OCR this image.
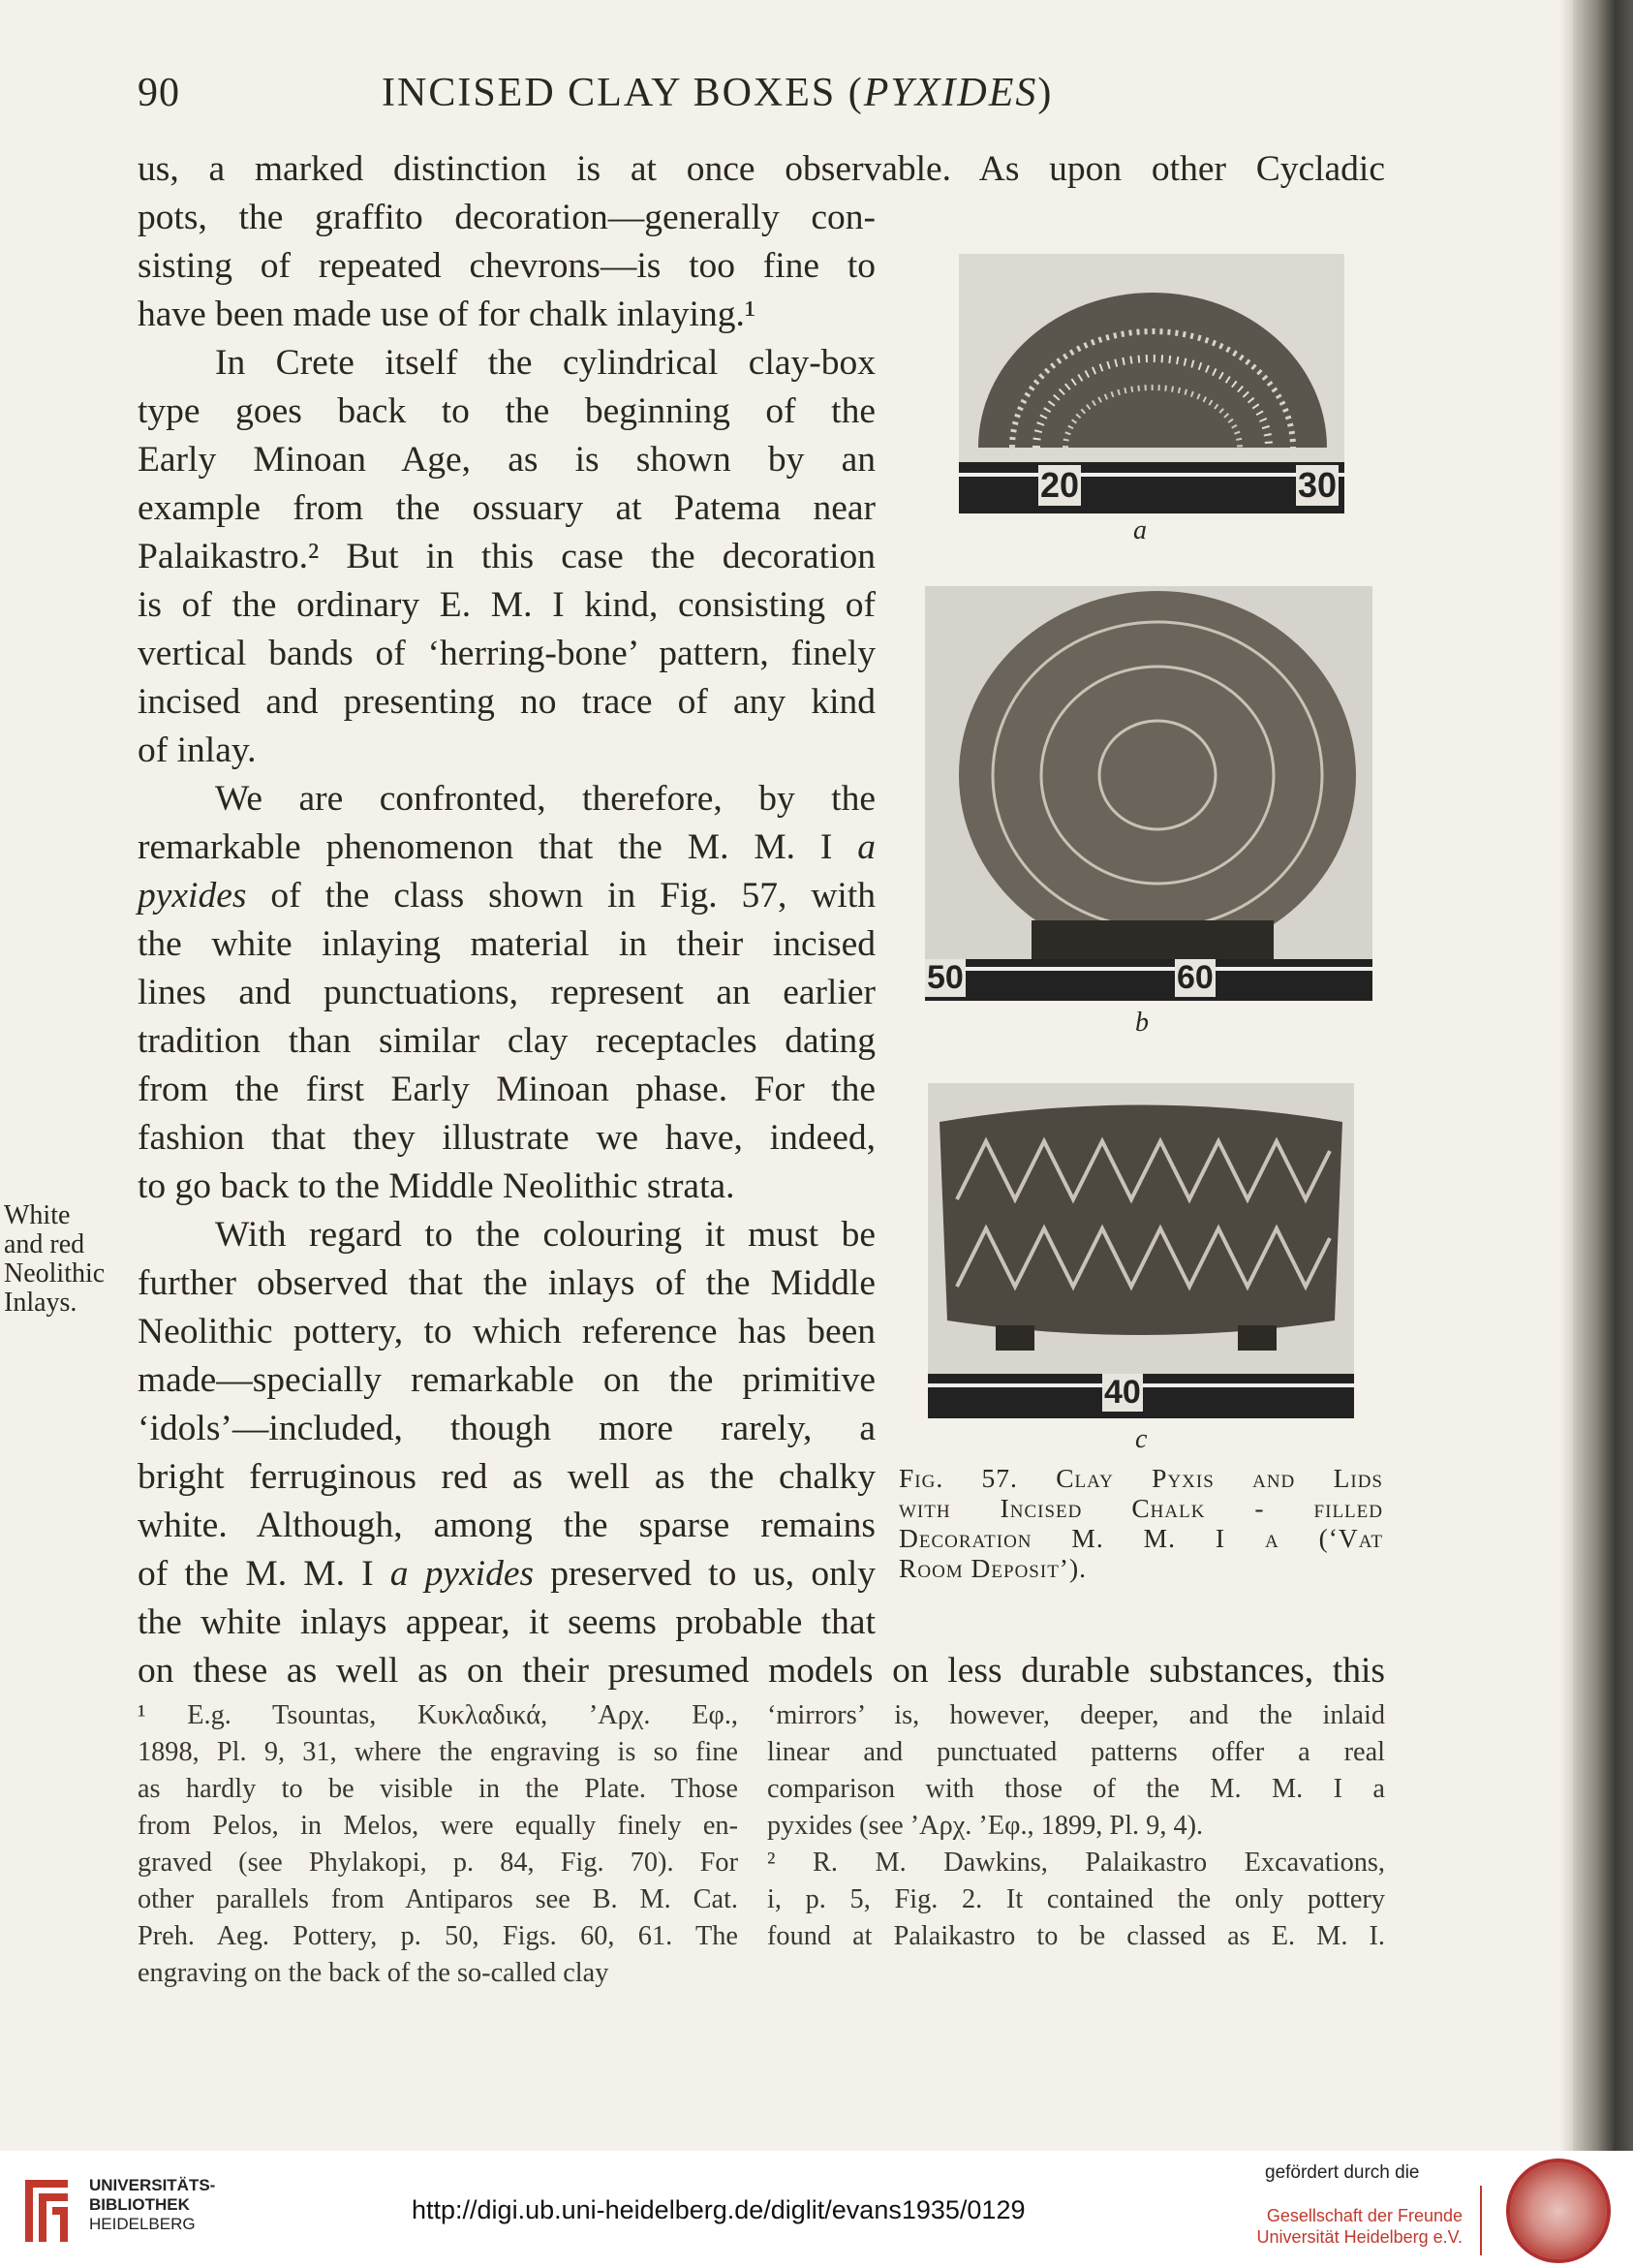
90	INCISED CLAY BOXES (PYXIDES)
us, a marked distinction is at once observable. As upon other Cycladic
pots, the graffito decoration—generally con-
sisting of repeated chevrons—is too fine to
have been made use of for chalk inlaying.¹
In Crete itself the cylindrical clay-box
type goes back to the beginning of the
Early Minoan Age, as is shown by an
example from the ossuary at Patema near
Palaikastro.² But in this case the decoration
is of the ordinary E. M. I kind, consisting of
vertical bands of ‘herring-bone’ pattern, finely
incised and presenting no trace of any kind
of inlay.
We are confronted, therefore, by the
remarkable phenomenon that the M. M. I a
pyxides of the class shown in Fig. 57, with
the white inlaying material in their incised
lines and punctuations, represent an earlier
tradition than similar clay receptacles dating
from the first Early Minoan phase. For the
fashion that they illustrate we have, indeed,
to go back to the Middle Neolithic strata.
With regard to the colouring it must be
further observed that the inlays of the Middle
Neolithic pottery, to which reference has been
made—specially remarkable on the primitive
‘idols’—included, though more rarely, a
bright ferruginous red as well as the chalky
white. Although, among the sparse remains
of the M. M. I a pyxides preserved to us, only
the white inlays appear, it seems probable that
on these as well as on their presumed models on less durable substances, this
White
and red
Neolithic
Inlays.
20	30
a
50	60
b
40
c
Fig. 57. Clay Pyxis and Lids
with Incised Chalk - filled
Decoration M. M. I a (‘Vat
Room Deposit’).
¹ E.g. Tsountas, Κυκλαδικά, ’Αρχ. Εφ.,
1898, Pl. 9, 31, where the engraving is so fine
as hardly to be visible in the Plate. Those
from Pelos, in Melos, were equally finely en-
graved (see Phylakopi, p. 84, Fig. 70). For
other parallels from Antiparos see B. M. Cat.
Preh. Aeg. Pottery, p. 50, Figs. 60, 61. The
engraving on the back of the so-called clay
‘mirrors’ is, however, deeper, and the inlaid
linear and punctuated patterns offer a real
comparison with those of the M. M. I a
pyxides (see ’Αρχ. ’Εφ., 1899, Pl. 9, 4).
² R. M. Dawkins, Palaikastro Excavations,
i, p. 5, Fig. 2. It contained the only pottery
found at Palaikastro to be classed as E. M. I.
UNIVERSITÄTS-
BIBLIOTHEK
HEIDELBERG	http://digi.ub.uni-heidelberg.de/diglit/evans1935/0129
gefördert durch die
Gesellschaft der Freunde
Universität Heidelberg e.V.
